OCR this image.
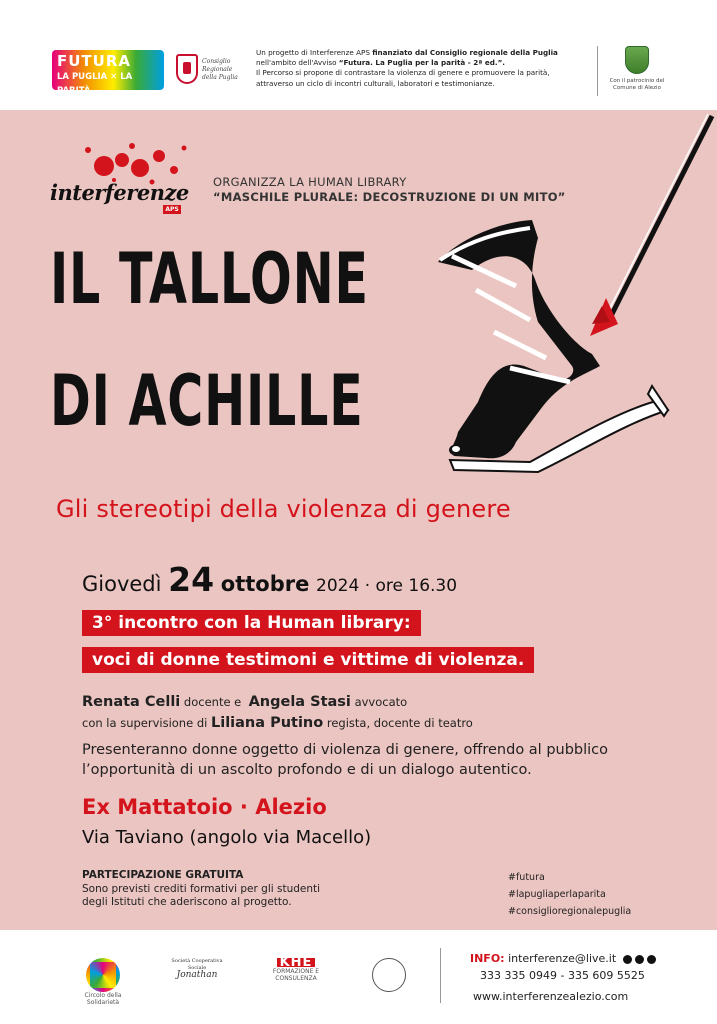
FUTURA
LA PUGLIA ✕ LA PARITÀ
Consiglio Regionale della Puglia
Un progetto di Interferenze APS finanziato dal Consiglio regionale della Puglia nell'ambito dell'Avviso “Futura. La Puglia per la parità - 2ª ed.”.
Il Percorso si propone di contrastare la violenza di genere e promuovere la parità, attraverso un ciclo di incontri culturali, laboratori e testimonianze.	Con il patrocinio del
Comune di Alezio
interferenze
APS
ORGANIZZA LA HUMAN LIBRARY
“MASCHILE PLURALE: DECOSTRUZIONE DI UN MITO”
IL TALLONE
DI ACHILLE
Gli stereotipi della violenza di genere
Giovedì 24 ottobre 2024 · ore 16.30
3° incontro con la Human library:
voci di donne testimoni e vittime di violenza.
Renata Celli docente e Angela Stasi avvocato
con la supervisione di Liliana Putino regista, docente di teatro
Presenteranno donne oggetto di violenza di genere, offrendo al pubblico l’opportunità di un ascolto profondo e di un dialogo autentico.
Ex Mattatoio · Alezio
Via Taviano (angolo via Macello)
PARTECIPAZIONE GRATUITA
Sono previsti crediti formativi per gli studenti
degli Istituti che aderiscono al progetto.
#futura
#lapugliaperlaparita
#consiglioregionalepuglia
Circolo della Solidarietà
Società Cooperativa Sociale
Jonathan
KHE
FORMAZIONE E CONSULENZA
INFO: interferenze@live.it
333 335 0949 - 335 609 5525
www.interferenzealezio.com
